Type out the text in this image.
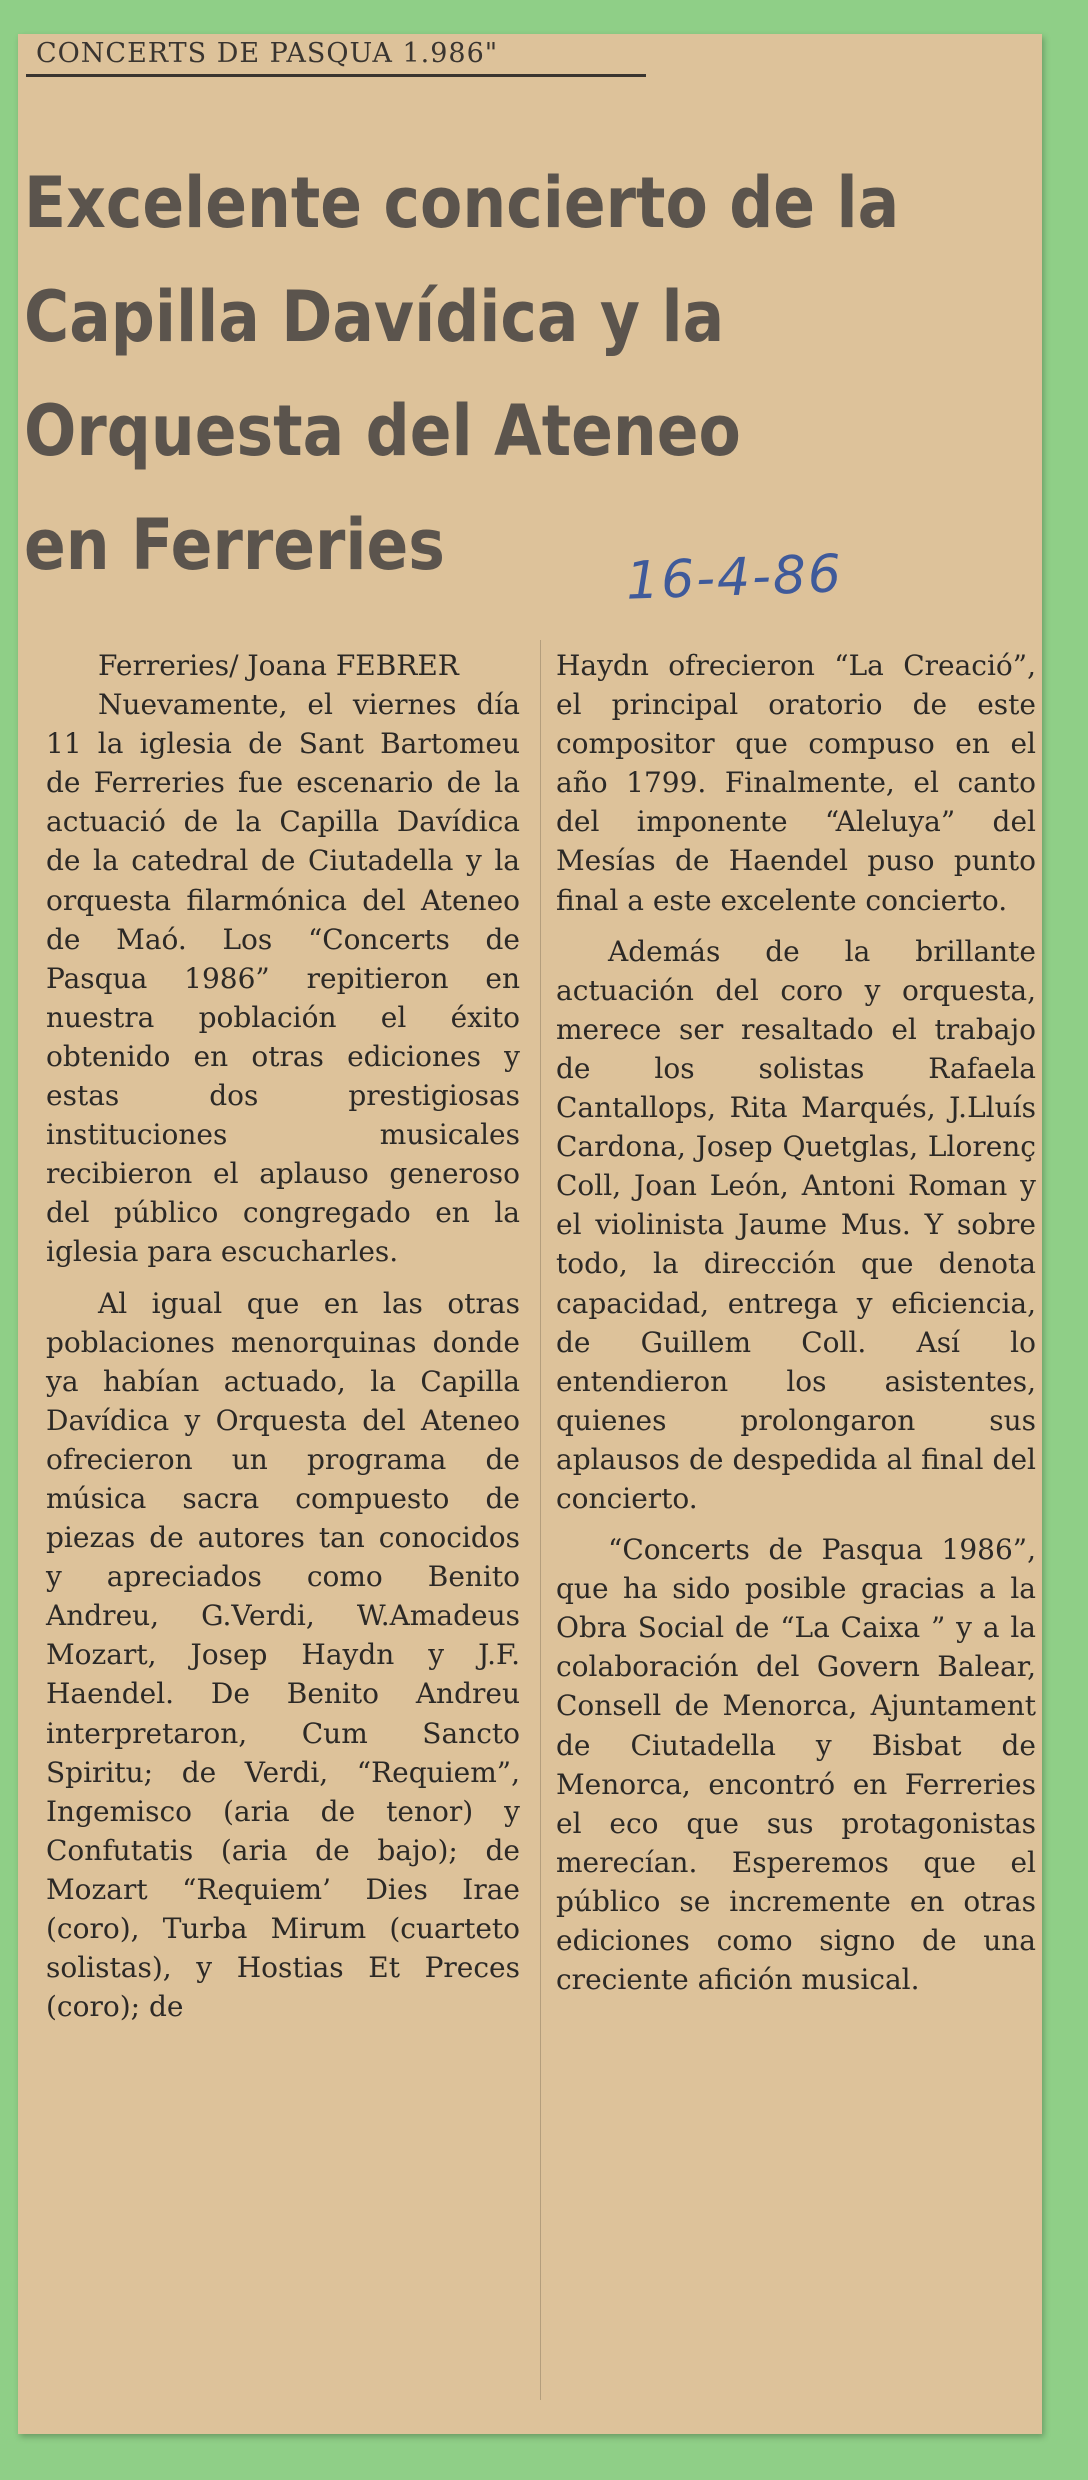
CONCERTS DE PASQUA 1.986"
Excelente concierto de la
Capilla Davídica y la
Orquesta del Ateneo
en Ferreries	16-4-86

Ferreries/ Joana FEBRER

Nuevamente, el viernes día 11 la iglesia de Sant Bartomeu de Ferreries fue escenario de la actuació de la Capilla Davídica de la catedral de Ciutadella y la orquesta filarmónica del Ateneo de Maó. Los “Concerts de Pasqua 1986” repitieron en nuestra población el éxito obtenido en otras ediciones y estas dos prestigiosas instituciones musicales recibieron el aplauso generoso del público congregado en la iglesia para escucharles.

Al igual que en las otras poblaciones menorquinas donde ya habían actuado, la Capilla Davídica y Orquesta del Ateneo ofrecieron un programa de música sacra compuesto de piezas de autores tan conocidos y apreciados como Benito Andreu, G.Verdi, W.Amadeus Mozart, Josep Haydn y J.F. Haendel. De Benito Andreu interpretaron, Cum Sancto Spiritu; de Verdi, “Requiem”, Ingemisco (aria de tenor) y Confutatis (aria de bajo); de Mozart “Requiem’ Dies Irae (coro), Turba Mirum (cuarteto solistas), y Hostias Et Preces (coro); de

Haydn ofrecieron “La Creació”, el principal oratorio de este compositor que compuso en el año 1799. Finalmente, el canto del imponente “Aleluya” del Mesías de Haendel puso punto final a este excelente concierto.

Además de la brillante actuación del coro y orquesta, merece ser resaltado el trabajo de los solistas Rafaela Cantallops, Rita Marqués, J.Lluís Cardona, Josep Quetglas, Llorenç Coll, Joan León, Antoni Roman y el violinista Jaume Mus. Y sobre todo, la dirección que denota capacidad, entrega y eficiencia, de Guillem Coll. Así lo entendieron los asistentes, quienes prolongaron sus aplausos de despedida al final del concierto.

“Concerts de Pasqua 1986”, que ha sido posible gracias a la Obra Social de “La Caixa ” y a la colaboración del Govern Balear, Consell de Menorca, Ajuntament de Ciutadella y Bisbat de Menorca, encontró en Ferreries el eco que sus protagonistas merecían. Esperemos que el público se incremente en otras ediciones como signo de una creciente afición musical.
